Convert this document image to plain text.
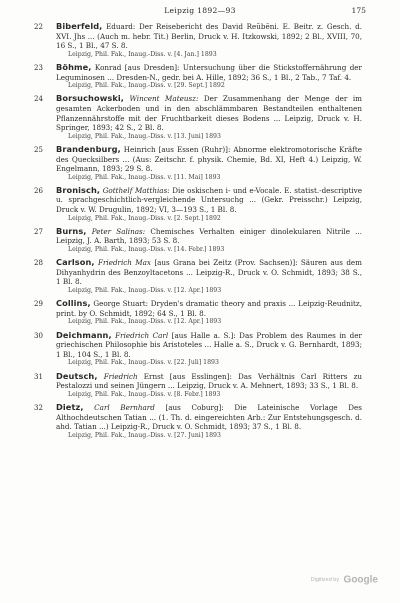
Leipzig 1892—93	175
22 Biberfeld, Eduard: Der Reisebericht des David Reŭbēni. E. Beitr. z. Gesch. d. XVI. Jhs ... (Auch m. hebr. Tit.) Berlin, Druck v. H. Itzkowski, 1892; 2 Bl., XVIII, 70, 16 S., 1 Bl., 47 S. 8.
Leipzig, Phil. Fak., Inaug.-Diss. v. [4. Jan.] 1893
23 Böhme, Konrad [aus Dresden]: Untersuchung über die Stickstoffernährung der Leguminosen ... Dresden-N., gedr. bei A. Hille, 1892; 36 S., 1 Bl., 2 Tab., 7 Taf. 4.
Leipzig, Phil. Fak., Inaug.-Diss. v. [29. Sept.] 1892
24 Borsuchowski, Wincent Mateusz: Der Zusammenhang der Menge der im gesamten Ackerboden und in den abschlämmbaren Bestandteilen enthaltenen Pflanzennährstoffe mit der Fruchtbarkeit dieses Bodens ... Leipzig, Druck v. H. Springer, 1893; 42 S., 2 Bl. 8.
Leipzig, Phil. Fak., Inaug.-Diss. v. [13. Juni] 1893
25 Brandenburg, Heinrich [aus Essen (Ruhr)]: Abnorme elektromotorische Kräfte des Quecksilbers ... (Aus: Zeitschr. f. physik. Chemie, Bd. XI, Heft 4.) Leipzig, W. Engelmann, 1893; 29 S. 8.
Leipzig, Phil. Fak., Inaug.-Diss. v. [11. Mai] 1893
26 Bronisch, Gotthelf Matthias: Die oskischen i- und e-Vocale. E. statist.-descriptive u. sprachgeschichtlich-vergleichende Untersuchg ... (Gekr. Preisschr.) Leipzig, Druck v. W. Drugulin, 1892; VI, 3—193 S., 1 Bl. 8.
Leipzig, Phil. Fak., Inaug.-Diss. v. [2. Sept.] 1892
27 Burns, Peter Salinas: Chemisches Verhalten einiger dinolekularen Nitrile ... Leipzig, J. A. Barth, 1893; 53 S. 8.
Leipzig, Phil. Fak., Inaug.-Diss. v. [14. Febr.] 1893
28 Carlson, Friedrich Max [aus Grana bei Zeitz (Prov. Sachsen)]: Säuren aus dem Dihyanhydrin des Benzoyltacetons ... Leipzig-R., Druck v. O. Schmidt, 1893; 38 S., 1 Bl. 8.
Leipzig, Phil. Fak., Inaug.-Diss. v. [12. Apr.] 1893
29 Collins, George Stuart: Dryden's dramatic theory and praxis ... Leipzig-Reudnitz, print. by O. Schmidt, 1892; 64 S., 1 Bl. 8.
Leipzig, Phil. Fak., Inaug.-Diss. v. [12. Apr.] 1893
30 Deichmann, Friedrich Carl [aus Halle a. S.]: Das Problem des Raumes in der griechischen Philosophie bis Aristoteles ... Halle a. S., Druck v. G. Bernhardt, 1893; 1 Bl., 104 S., 1 Bl. 8.
Leipzig, Phil. Fak., Inaug.-Diss. v. [22. Juli] 1893
31 Deutsch, Friedrich Ernst [aus Esslingen]: Das Verhältnis Carl Ritters zu Pestalozzi und seinen Jüngern ... Leipzig, Druck v. A. Mehnert, 1893; 33 S., 1 Bl. 8.
Leipzig, Phil. Fak., Inaug.-Diss. v. [8. Febr.] 1893
32 Dietz, Carl Bernhard [aus Coburg]: Die Lateinische Vorlage Des Althochdeutschen Tatian ... (1. Th. d. eingereichten Arb.: Zur Entstehungsgesch. d. ahd. Tatian ...) Leipzig-R., Druck v. O. Schmidt, 1893; 37 S., 1 Bl. 8.
Leipzig, Phil. Fak., Inaug.-Diss. v. [27. Juni] 1893
Digitized by Google
